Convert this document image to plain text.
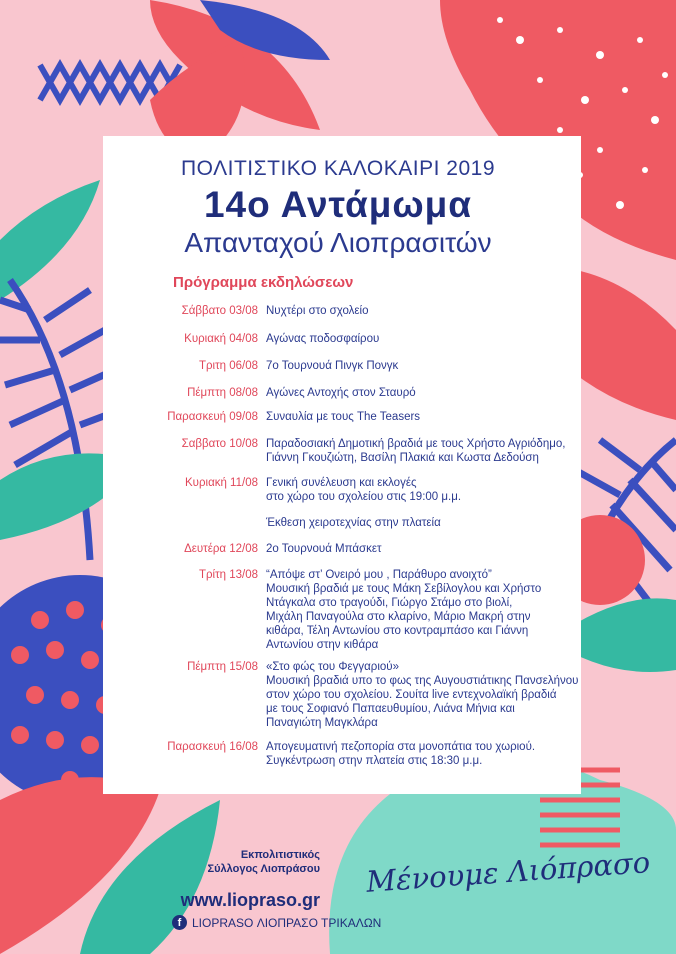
ΠΟΛΙΤΙΣΤΙΚΟ ΚΑΛΟΚΑΙΡΙ 2019
14ο Αντάμωμα
Απανταχού Λιοπρασιτών
Πρόγραμμα εκδηλώσεων
Σάββατο 03/08 Νυχτέρι στο σχολείο
Κυριακή 04/08 Αγώνας ποδοσφαίρου
Τριτη 06/08 7ο Τουρνουά Πινγκ Πονγκ
Πέμπτη 08/08 Αγώνες Αντοχής στον Σταυρό
Παρασκευή 09/08 Συναυλία με τους The Teasers
Σαββατο 10/08 Παραδοσιακή Δημοτική βραδιά με τους Χρήστο Αγριόδημο,
Γιάννη Γκουζιώτη, Βασίλη Πλακιά και Κωστα Δεδούση
Κυριακή 11/08 Γενική συνέλευση και εκλογές
στο χώρο του σχολείου στις 19:00 μ.μ.
Έκθεση χειροτεχνίας στην πλατεία
Δευτέρα 12/08 2ο Τουρνουά Μπάσκετ
Τρίτη 13/08 “Απόψε στ’ Ονειρό μου , Παράθυρο ανοιχτό”
Μουσική βραδιά με τους Μάκη Σεβίλογλου και Χρήστο
Ντάγκαλα στο τραγούδι, Γιώργο Στάμο στο βιολί,
Μιχάλη Παναγούλα στο κλαρίνο, Μάριο Μακρή στην
κιθάρα, Τέλη Αντωνίου στο κοντραμπάσο και Γιάννη
Αντωνίου στην κιθάρα
Πέμπτη 15/08 «Στο φώς του Φεγγαριού»
Μουσική βραδιά υπο το φως της Αυγουστιάτικης Πανσελήνου
στον χώρο του σχολείου. Σουίτα live εντεχνολαϊκή βραδιά
με τους Σοφιανό Παπαευθυμίου, Λιάνα Μήνια και
Παναγιώτη Μαγκλάρα
Παρασκευή 16/08 Απογευματινή πεζοπορία στα μονοπάτια του χωριού.
Συγκέντρωση στην πλατεία στις 18:30 μ.μ.
Εκπολιτιστικός
Σύλλογος Λιοπράσου
www.liopraso.gr
f LIOPRASO ΛΙΟΠΡΑΣΟ ΤΡΙΚΑΛΩΝ
Μένουμε Λιόπρασο
